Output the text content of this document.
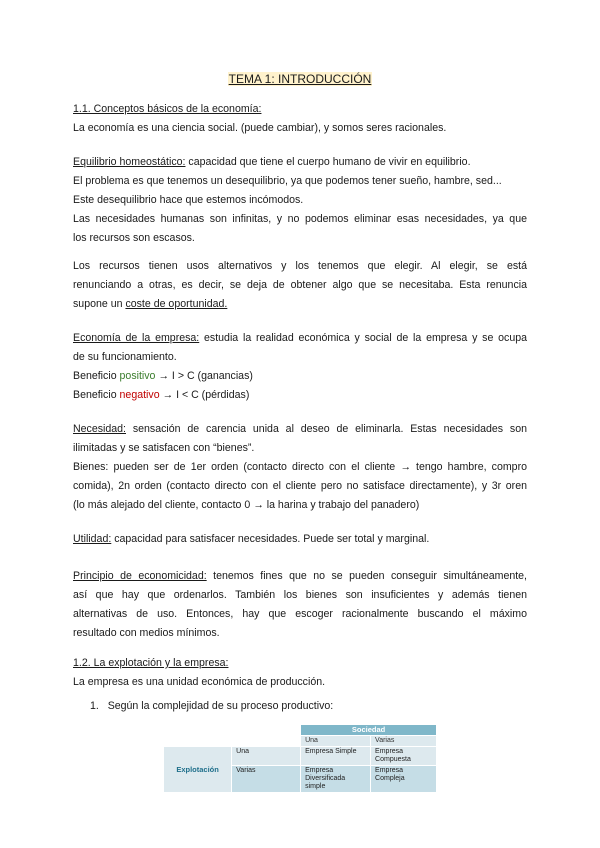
TEMA 1: INTRODUCCIÓN
1.1. Conceptos básicos de la economía:
La economía es una ciencia social. (puede cambiar), y somos seres racionales.
Equilibrio homeostático: capacidad que tiene el cuerpo humano de vivir en equilibrio.
El problema es que tenemos un desequilibrio, ya que podemos tener sueño, hambre, sed...
Este desequilibrio hace que estemos incómodos.
Las necesidades humanas son infinitas, y no podemos eliminar esas necesidades, ya que
los recursos son escasos.
Los recursos tienen usos alternativos y los tenemos que elegir. Al elegir, se está
renunciando a otras, es decir, se deja de obtener algo que se necesitaba. Esta renuncia
supone un coste de oportunidad.
Economía de la empresa: estudia la realidad económica y social de la empresa y se ocupa
de su funcionamiento.
Beneficio positivo → I > C (ganancias)
Beneficio negativo → I < C (pérdidas)
Necesidad: sensación de carencia unida al deseo de eliminarla. Estas necesidades son
ilimitadas y se satisfacen con “bienes”.
Bienes: pueden ser de 1er orden (contacto directo con el cliente → tengo hambre, compro
comida), 2n orden (contacto directo con el cliente pero no satisface directamente), y 3r oren
(lo más alejado del cliente, contacto 0 → la harina y trabajo del panadero)
Utilidad: capacidad para satisfacer necesidades. Puede ser total y marginal.
Principio de economicidad: tenemos fines que no se pueden conseguir simultáneamente,
así que hay que ordenarlos. También los bienes son insuficientes y además tienen
alternativas de uso. Entonces, hay que escoger racionalmente buscando el máximo
resultado con medios mínimos.
1.2. La explotación y la empresa:
La empresa es una unidad económica de producción.
1. Según la complejidad de su proceso productivo:
		Sociedad	
		Una	Varias
Explotación	Una	Empresa Simple	Empresa Compuesta
	Varias	Empresa Diversificada simple	Empresa Compleja
